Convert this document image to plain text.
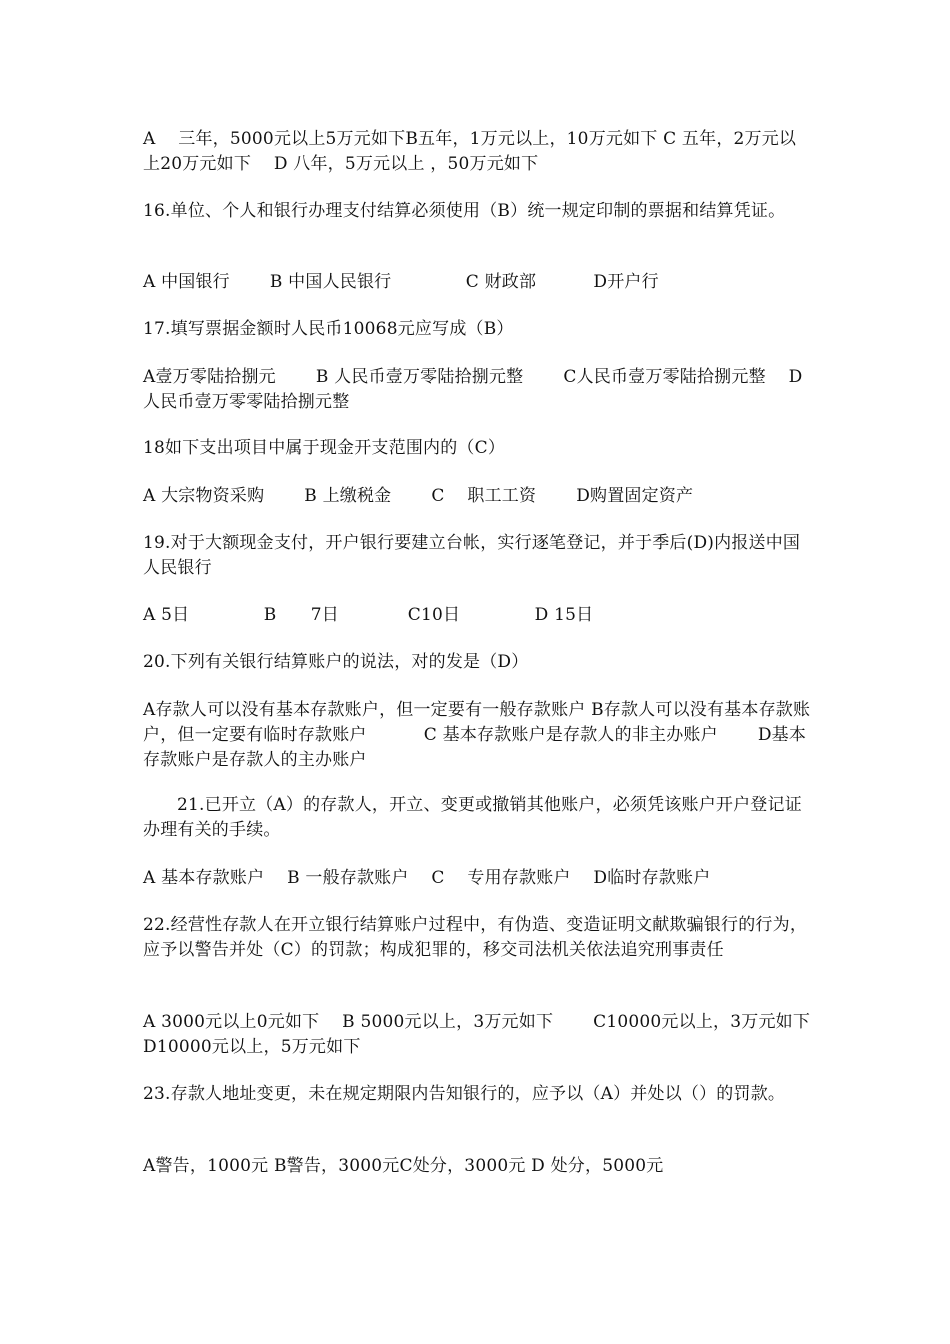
A　 三年，5000元以上5万元如下B五年，1万元以上，10万元如下 C 五年，2万元以上20万元如下　 D 八年，5万元以上 ，50万元如下

16.单位、个人和银行办理支付结算必须使用（B）统一规定印制的票据和结算凭证。

A 中国银行　　 B 中国人民银行　　　　 C 财政部　　　 D开户行

17.填写票据金额时人民币10068元应写成（B）

A壹万零陆拾捌元　　 B 人民币壹万零陆拾捌元整　　 C人民币壹万零陆拾捌元整　 D　　 人民币壹万零零陆拾捌元整

18如下支出项目中属于现金开支范围内的（C）

A 大宗物资采购　　 B 上缴税金　　 C　 职工工资　　 D购置固定资产

19.对于大额现金支付，开户银行要建立台帐，实行逐笔登记，并于季后(D)内报送中国人民银行

A 5日　　　　 B　　7日　　　　C10日　　　　 D 15日

20.下列有关银行结算账户的说法，对的发是（D）

A存款人可以没有基本存款账户，但一定要有一般存款账户 B存款人可以没有基本存款账户，但一定要有临时存款账户　　　 C 基本存款账户是存款人的非主办账户　　 D基本存款账户是存款人的主办账户

21.已开立（A）的存款人，开立、变更或撤销其他账户，必须凭该账户开户登记证办理有关的手续。

A 基本存款账户　 B 一般存款账户　 C　 专用存款账户　 D临时存款账户

22.经营性存款人在开立银行结算账户过程中，有伪造、变造证明文献欺骗银行的行为，应予以警告并处（C）的罚款；构成犯罪的，移交司法机关依法追究刑事责任

A 3000元以上0元如下　 B 5000元以上，3万元如下　　 C10000元以上，3万元如下　 D10000元以上，5万元如下

23.存款人地址变更，未在规定期限内告知银行的，应予以（A）并处以（）的罚款。

A警告，1000元 B警告，3000元C处分，3000元 D 处分，5000元
